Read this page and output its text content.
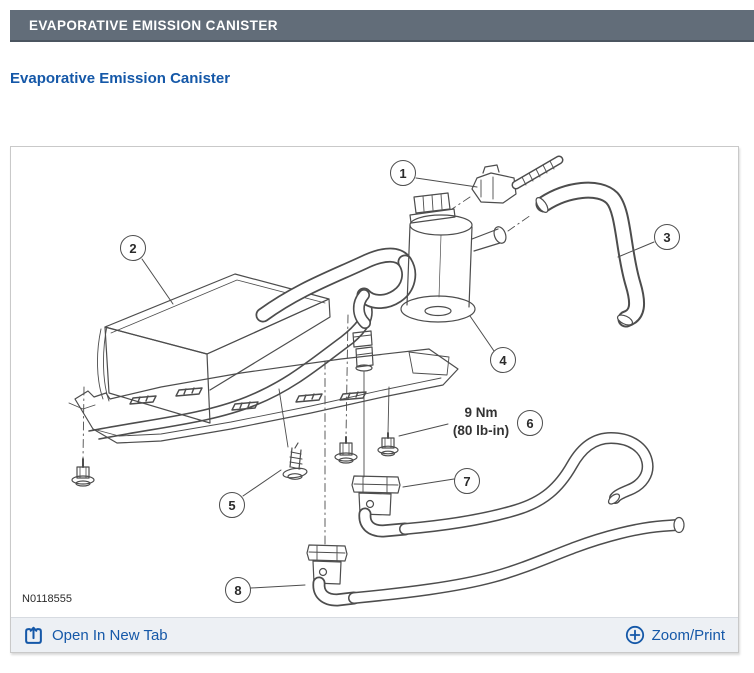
EVAPORATIVE EMISSION CANISTER
Evaporative Emission Canister
1
2
3
4
5
6
7
8
9 Nm
(80 lb-in)
N0118555
Open In New Tab	Zoom/Print
